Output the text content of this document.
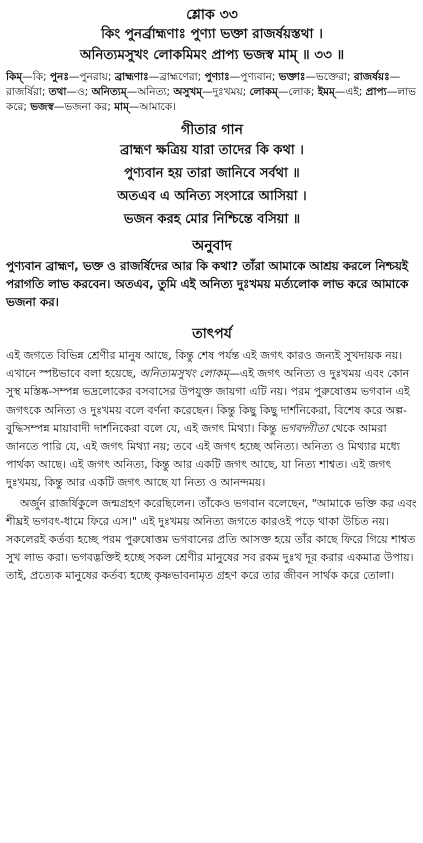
শ্লোক ৩৩
কিং পুনর্ব্রাহ্মণাঃ পুণ্যা ভক্তা রাজর্ষয়স্তথা ।
অনিত্যমসুখং লোকমিমং প্রাপ্য ভজস্ব মাম্ ॥ ৩৩ ॥
কিম্—কি; পুনঃ—পুনরায়; ব্রাহ্মণাঃ—ব্রাহ্মণেরা; পুণ্যাঃ—পুণ্যবান; ভক্তাঃ—ভক্তেরা; রাজর্ষয়ঃ—রাজর্ষিরা; তথা—ও; অনিত্যম্—অনিত্য; অসুখম্—দুঃখময়; লোকম্—লোক; ইমম্—এই; প্রাপ্য—লাভ করে; ভজস্ব—ভজনা কর; মাম্—আমাকে।
গীতার গান
ব্রাহ্মণ ক্ষত্রিয় যারা তাদের কি কথা ।
পুণ্যবান হয় তারা জানিবে সর্বথা ॥
অতএব এ অনিত্য সংসারে আসিয়া ।
ভজন করহ মোর নিশ্চিন্তে বসিয়া ॥
অনুবাদ
পুণ্যবান ব্রাহ্মণ, ভক্ত ও রাজর্ষিদের আর কি কথা? তাঁরা আমাকে আশ্রয় করলে নিশ্চয়ই পরাগতি লাভ করবেন। অতএব, তুমি এই অনিত্য দুঃখময় মর্ত্যলোক লাভ করে আমাকে ভজনা কর।
তাৎপর্য

এই জগতে বিভিন্ন শ্রেণীর মানুষ আছে, কিন্তু শেষ পর্যন্ত এই জগৎ কারও জন্যই সুখদায়ক নয়। এখানে স্পষ্টভাবে বলা হয়েছে, অনিত্যমসুখং লোকম্—এই জগৎ অনিত্য ও দুঃখময় এবং কোন সুস্থ মস্তিষ্ক-সম্পন্ন ভদ্রলোকের বসবাসের উপযুক্ত জায়গা এটি নয়। পরম পুরুষোত্তম ভগবান এই জগৎকে অনিত্য ও দুঃখময় বলে বর্ণনা করেছেন। কিন্তু কিছু কিছু দার্শনিকেরা, বিশেষ করে অল্প-বুদ্ধিসম্পন্ন মায়াবাদী দার্শনিকেরা বলে যে, এই জগৎ মিথ্যা। কিন্তু ভগবদ্গীতা থেকে আমরা জানতে পারি যে, এই জগৎ মিথ্যা নয়; তবে এই জগৎ হচ্ছে অনিত্য। অনিত্য ও মিথ্যার মধ্যে পার্থক্য আছে। এই জগৎ অনিত্য, কিন্তু আর একটি জগৎ আছে, যা নিত্য শাশ্বত। এই জগৎ দুঃখময়, কিন্তু আর একটি জগৎ আছে যা নিত্য ও আনন্দময়।

অর্জুন রাজর্ষিকুলে জন্মগ্রহণ করেছিলেন। তাঁকেও ভগবান বলেছেন, "আমাকে ভক্তি কর এবং শীঘ্রই ভগবৎ-ধামে ফিরে এস।" এই দুঃখময় অনিত্য জগতে কারওই পড়ে থাকা উচিত নয়। সকলেরই কর্তব্য হচ্ছে পরম পুরুষোত্তম ভগবানের প্রতি আসক্ত হয়ে তাঁর কাছে ফিরে গিয়ে শাশ্বত সুখ লাভ করা। ভগবদ্ভক্তিই হচ্ছে সকল শ্রেণীর মানুষের সব রকম দুঃখ দূর করার একমাত্র উপায়। তাই, প্রত্যেক মানুষের কর্তব্য হচ্ছে কৃষ্ণভাবনামৃত গ্রহণ করে তার জীবন সার্থক করে তোলা।
